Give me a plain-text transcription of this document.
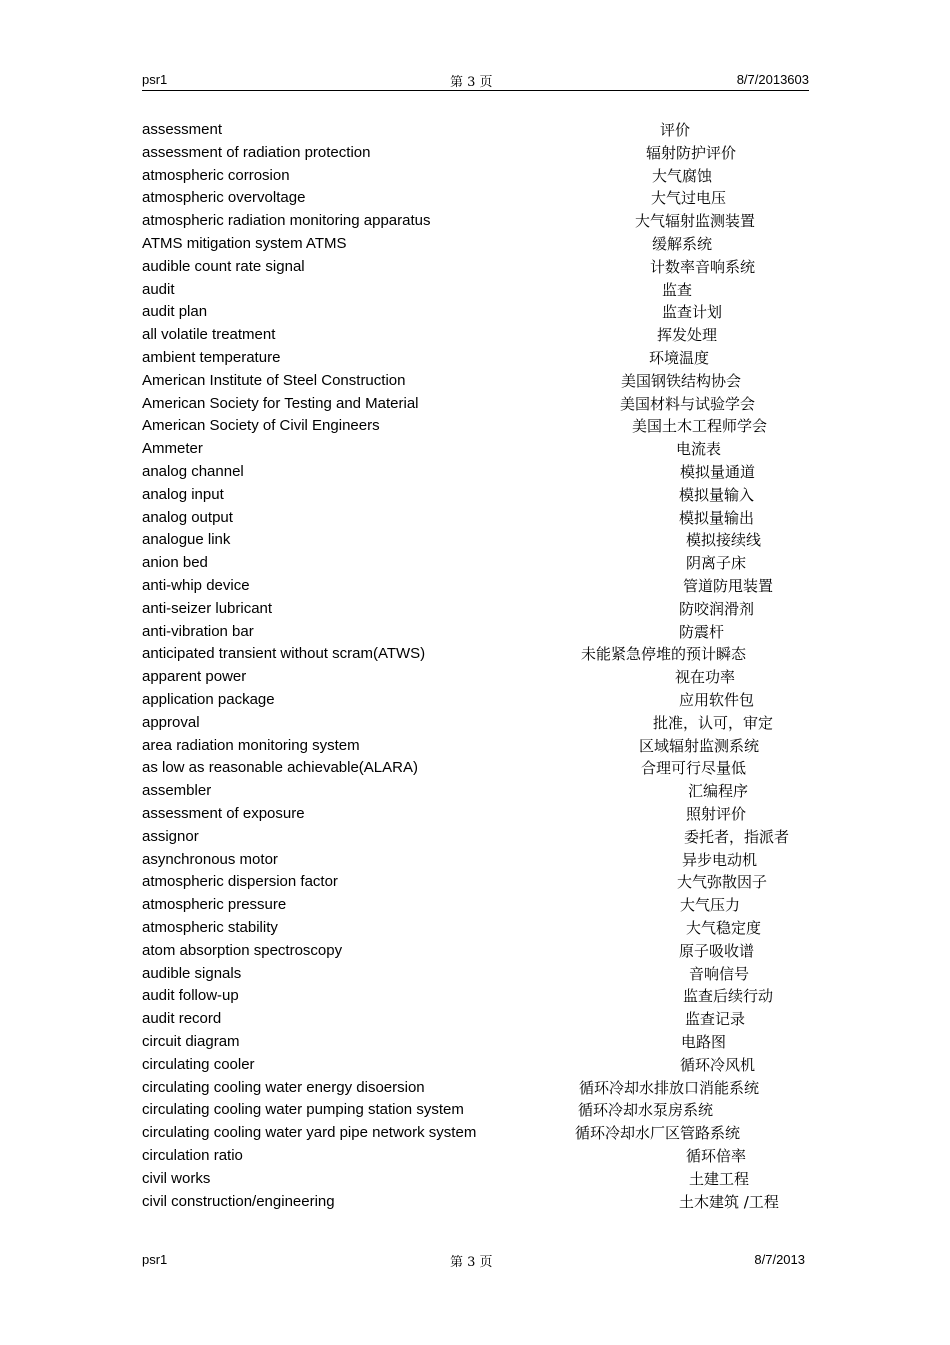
psr1	第 3 页	8/7/2013603
assessment	评价
assessment of radiation protection	辐射防护评价
atmospheric corrosion	大气腐蚀
atmospheric overvoltage	大气过电压
atmospheric radiation monitoring apparatus	大气辐射监测装置
ATMS mitigation system ATMS	缓解系统
audible count rate signal	计数率音响系统
audit	监查
audit plan	监查计划
all volatile treatment	挥发处理
ambient temperature	环境温度
American Institute of Steel Construction	美国钢铁结构协会
American Society for Testing and Material	美国材料与试验学会
American Society of Civil Engineers	美国土木工程师学会
Ammeter	电流表
analog channel	模拟量通道
analog input	模拟量输入
analog output	模拟量输出
analogue link	模拟接续线
anion bed	阴离子床
anti-whip device	管道防甩装置
anti-seizer lubricant	防咬润滑剂
anti-vibration bar	防震杆
anticipated transient without scram(ATWS)	未能紧急停堆的预计瞬态
apparent power	视在功率
application package	应用软件包
approval	批准，认可，审定
area radiation monitoring system	区域辐射监测系统
as low as reasonable achievable(ALARA)	合理可行尽量低
assembler	汇编程序
assessment of exposure	照射评价
assignor	委托者，指派者
asynchronous motor	异步电动机
atmospheric dispersion factor	大气弥散因子
atmospheric pressure	大气压力
atmospheric stability	大气稳定度
atom absorption spectroscopy	原子吸收谱
audible signals	音响信号
audit follow-up	监查后续行动
audit record	监查记录
circuit diagram	电路图
circulating cooler	循环冷风机
circulating cooling water energy disoersion	循环冷却水排放口消能系统
circulating cooling water pumping station system	循环冷却水泵房系统
circulating cooling water yard pipe network system	循环冷却水厂区管路系统
circulation ratio	循环倍率
civil works	土建工程
civil construction/engineering	土木建筑 /工程
psr1	第 3 页	8/7/2013
